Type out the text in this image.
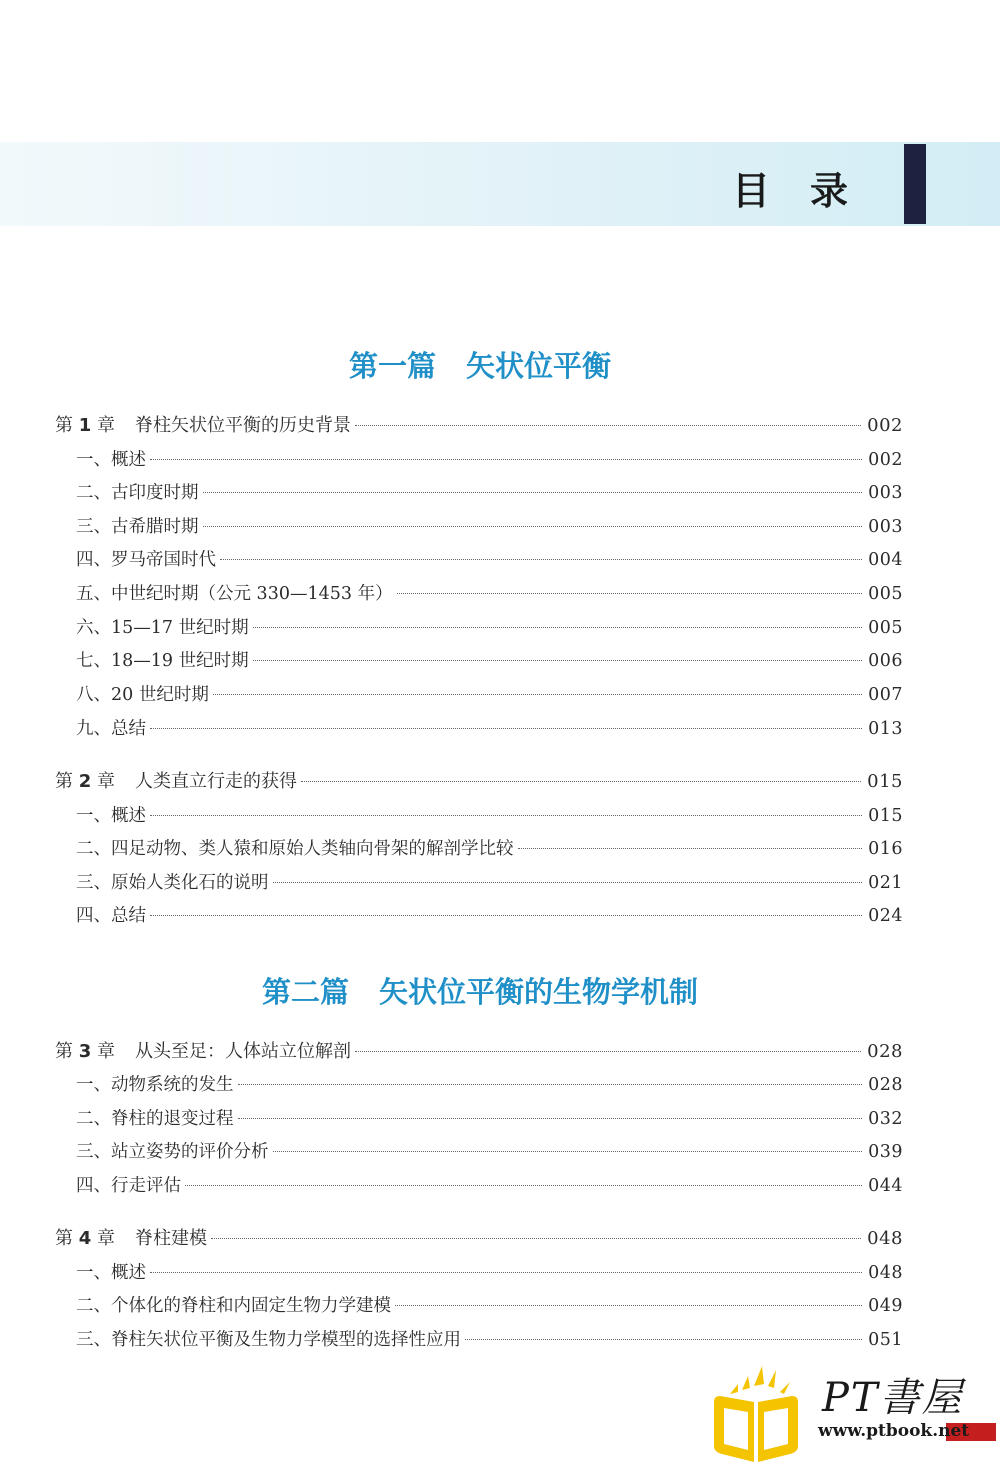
目录
第一篇 矢状位平衡
第 1 章 脊柱矢状位平衡的历史背景	002
一、概述	002
二、古印度时期	003
三、古希腊时期	003
四、罗马帝国时代	004
五、中世纪时期（公元 330—1453 年）	005
六、15—17 世纪时期	005
七、18—19 世纪时期	006
八、20 世纪时期	007
九、总结	013
第 2 章 人类直立行走的获得	015
一、概述	015
二、四足动物、类人猿和原始人类轴向骨架的解剖学比较	016
三、原始人类化石的说明	021
四、总结	024
第二篇 矢状位平衡的生物学机制
第 3 章 从头至足：人体站立位解剖	028
一、动物系统的发生	028
二、脊柱的退变过程	032
三、站立姿势的评价分析	039
四、行走评估	044
第 4 章 脊柱建模	048
一、概述	048
二、个体化的脊柱和内固定生物力学建模	049
三、脊柱矢状位平衡及生物力学模型的选择性应用	051
PT書屋
www.ptbook.net
